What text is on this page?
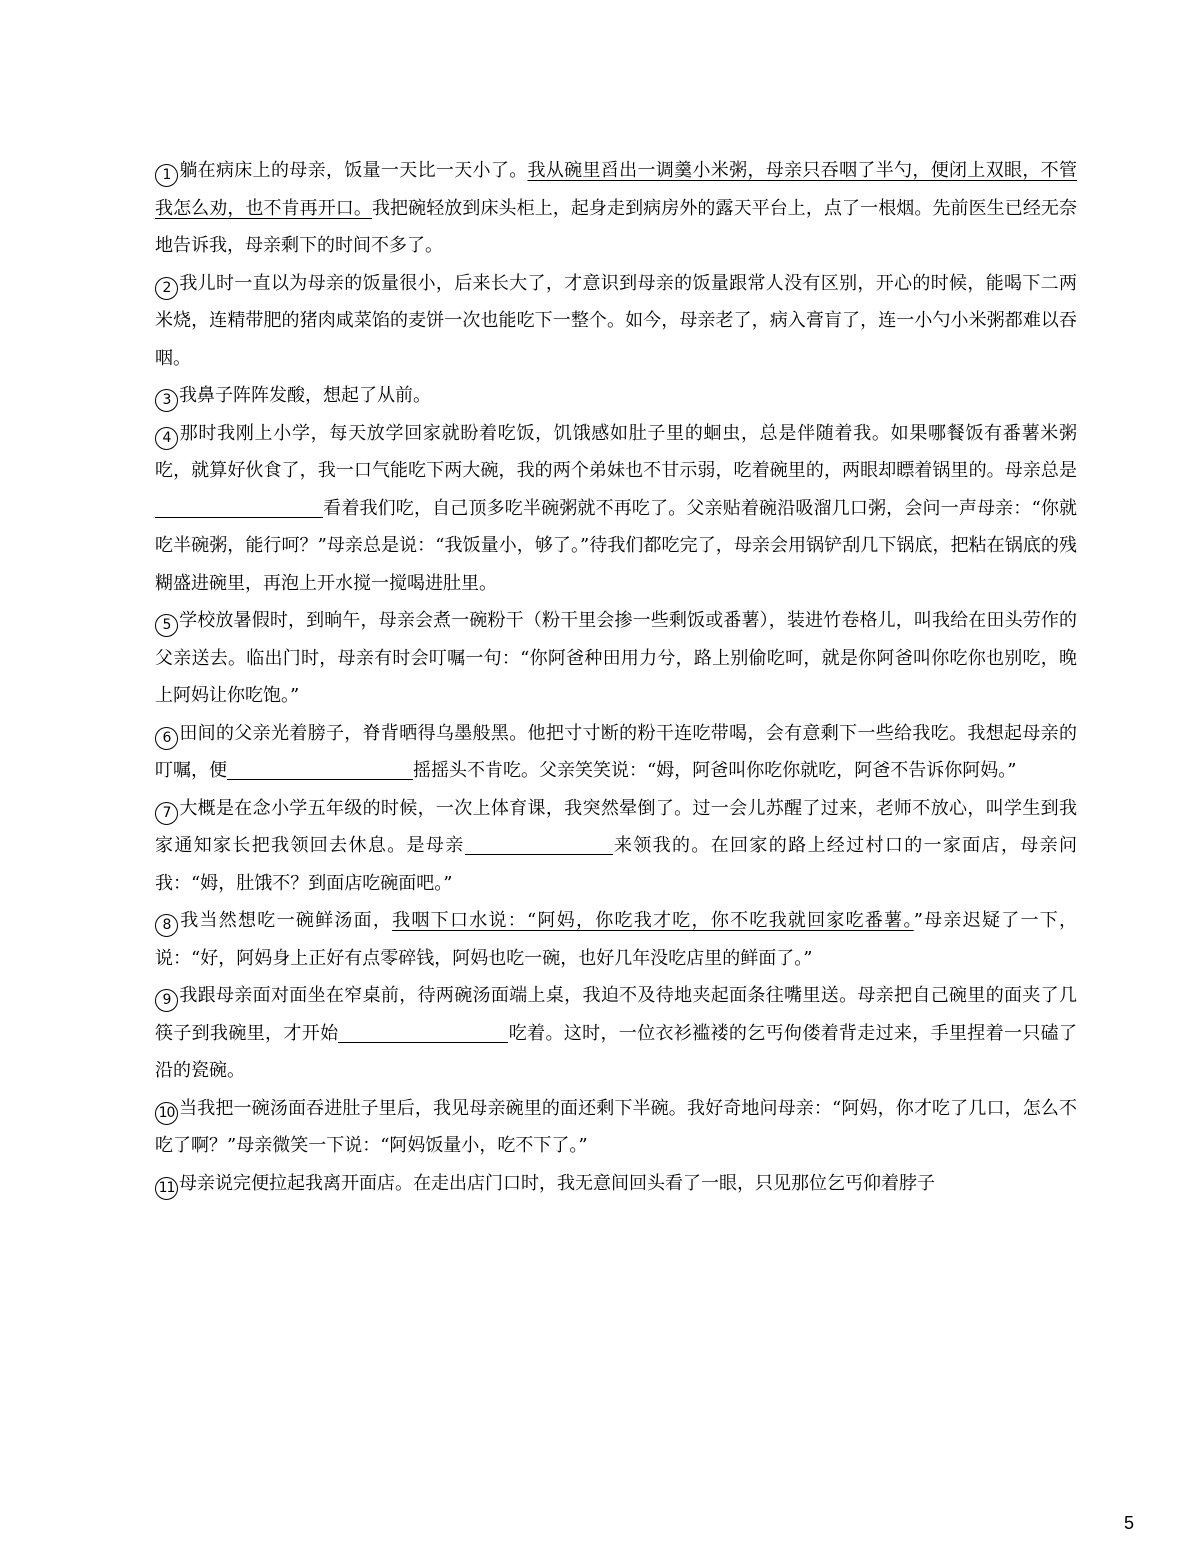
1 躺在病床上的母亲，饭量一天比一天小了。我从碗里舀出一调羹小米粥，母亲只吞咽了半勺，便闭上双眼，不管我怎么劝，也不肯再开口。我把碗轻放到床头柜上，起身走到病房外的露天平台上，点了一根烟。先前医生已经无奈地告诉我，母亲剩下的时间不多了。

2 我儿时一直以为母亲的饭量很小，后来长大了，才意识到母亲的饭量跟常人没有区别，开心的时候，能喝下二两米烧，连精带肥的猪肉咸菜馅的麦饼一次也能吃下一整个。如今，母亲老了，病入膏肓了，连一小勺小米粥都难以吞咽。

3 我鼻子阵阵发酸，想起了从前。

4 那时我刚上小学，每天放学回家就盼着吃饭，饥饿感如肚子里的蛔虫，总是伴随着我。如果哪餐饭有番薯米粥吃，就算好伙食了，我一口气能吃下两大碗，我的两个弟妹也不甘示弱，吃着碗里的，两眼却瞟着锅里的。母亲总是看着我们吃，自己顶多吃半碗粥就不再吃了。父亲贴着碗沿吸溜几口粥，会问一声母亲：“你就吃半碗粥，能行呵？”母亲总是说：“我饭量小，够了。”待我们都吃完了，母亲会用锅铲刮几下锅底，把粘在锅底的残糊盛进碗里，再泡上开水搅一搅喝进肚里。

5 学校放暑假时，到晌午，母亲会煮一碗粉干（粉干里会掺一些剩饭或番薯），装进竹卷格儿，叫我给在田头劳作的父亲送去。临出门时，母亲有时会叮嘱一句：“你阿爸种田用力兮，路上别偷吃呵，就是你阿爸叫你吃你也别吃，晚上阿妈让你吃饱。”

6 田间的父亲光着膀子，脊背晒得乌墨般黑。他把寸寸断的粉干连吃带喝，会有意剩下一些给我吃。我想起母亲的叮嘱，便	摇摇头不肯吃。父亲笑笑说：“姆，阿爸叫你吃你就吃，阿爸不告诉你阿妈。”

7 大概是在念小学五年级的时候，一次上体育课，我突然晕倒了。过一会儿苏醒了过来，老师不放心，叫学生到我家通知家长把我领回去休息。是母亲	来领我的。在回家的路上经过村口的一家面店，母亲问我：“姆，肚饿不？到面店吃碗面吧。”

8 我当然想吃一碗鲜汤面，我咽下口水说：“阿妈，你吃我才吃，你不吃我就回家吃番薯。”母亲迟疑了一下，说：“好，阿妈身上正好有点零碎钱，阿妈也吃一碗，也好几年没吃店里的鲜面了。”

9 我跟母亲面对面坐在窄桌前，待两碗汤面端上桌，我迫不及待地夹起面条往嘴里送。母亲把自己碗里的面夹了几筷子到我碗里，才开始	吃着。这时，一位衣衫褴褛的乞丐佝偻着背走过来，手里捏着一只磕了沿的瓷碗。

10 当我把一碗汤面吞进肚子里后，我见母亲碗里的面还剩下半碗。我好奇地问母亲：“阿妈，你才吃了几口，怎么不吃了啊？”母亲微笑一下说：“阿妈饭量小，吃不下了。”

11 母亲说完便拉起我离开面店。在走出店门口时，我无意间回头看了一眼，只见那位乞丐仰着脖子

5
